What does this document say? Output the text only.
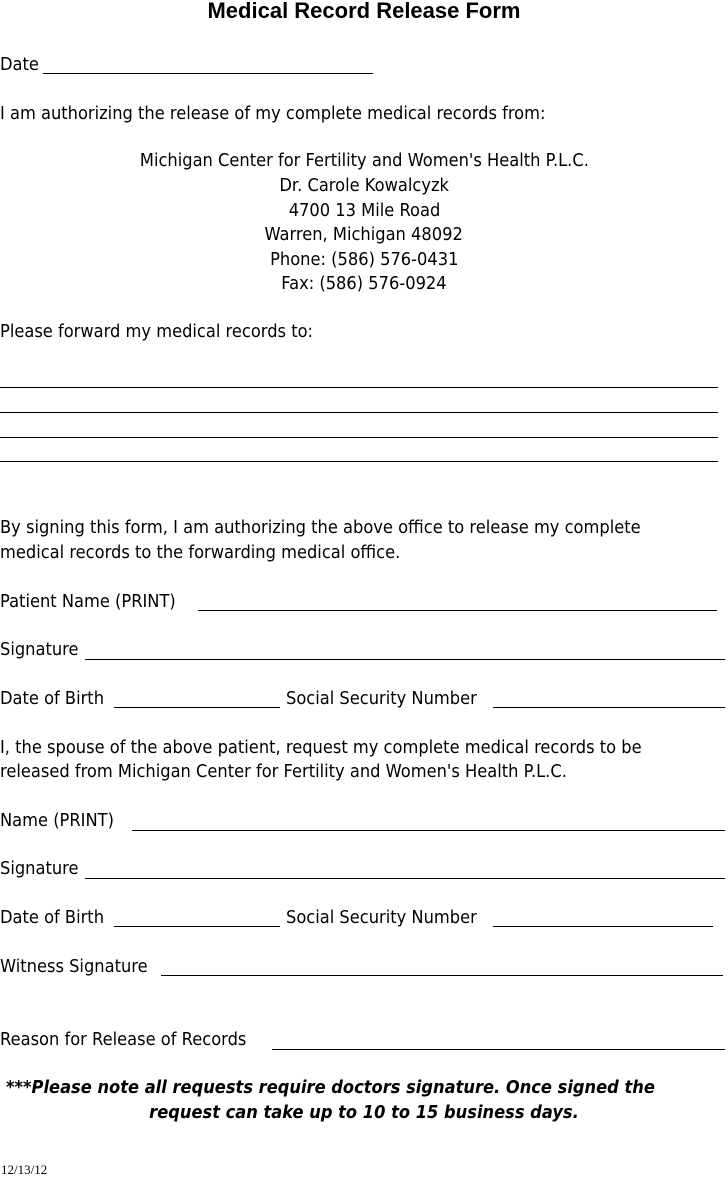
Medical Record Release Form
Date
I am authorizing the release of my complete medical records from:
Michigan Center for Fertility and Women's Health P.L.C.
Dr. Carole Kowalcyzk
4700 13 Mile Road
Warren, Michigan 48092
Phone: (586) 576-0431
Fax: (586) 576-0924
Please forward my medical records to:
By signing this form, I am authorizing the above office to release my complete
medical records to the forwarding medical office.
Patient Name (PRINT)
Signature
Date of Birth	Social Security Number
I, the spouse of the above patient, request my complete medical records to be
released from Michigan Center for Fertility and Women's Health P.L.C.
Name (PRINT)
Signature
Date of Birth	Social Security Number
Witness Signature
Reason for Release of Records
***Please note all requests require doctors signature. Once signed the
request can take up to 10 to 15 business days.
12/13/12
